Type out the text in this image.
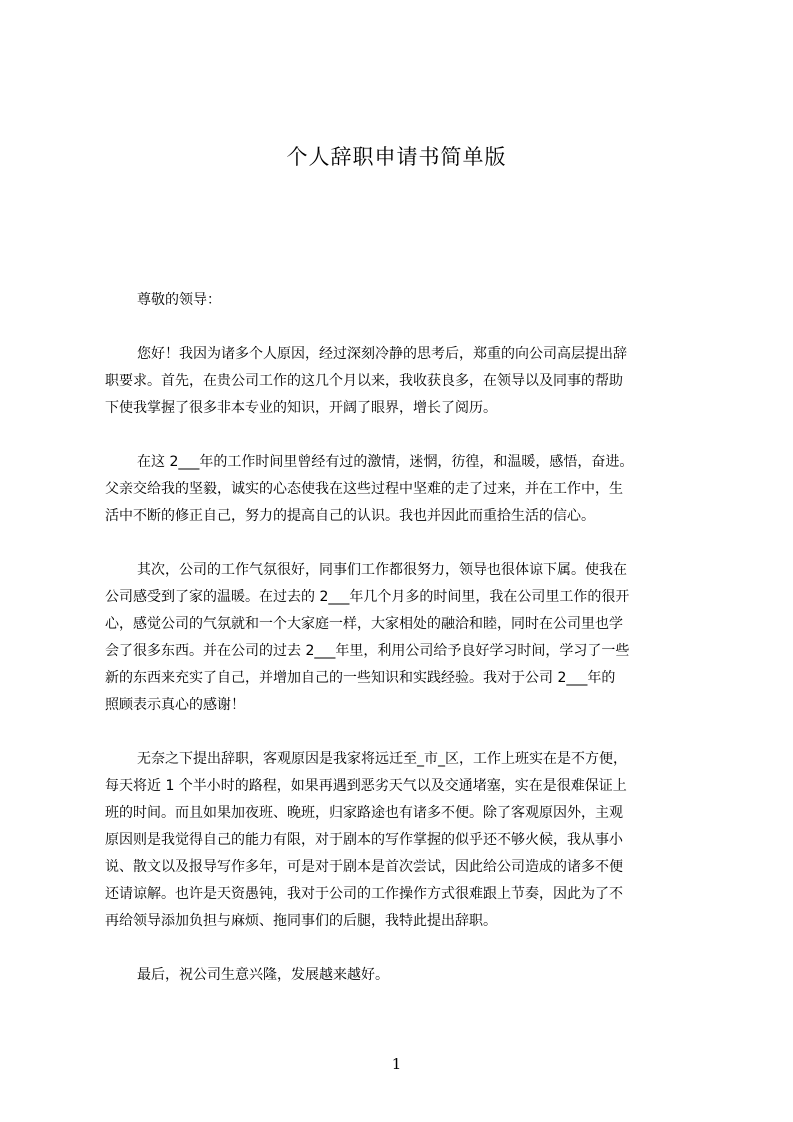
个人辞职申请书简单版
尊敬的领导：
您好！我因为诸多个人原因，经过深刻冷静的思考后，郑重的向公司高层提出辞
职要求。首先，在贵公司工作的这几个月以来，我收获良多，在领导以及同事的帮助
下使我掌握了很多非本专业的知识，开阔了眼界，增长了阅历。
在这 2___年的工作时间里曾经有过的激情，迷惘，彷徨，和温暖，感悟，奋进。
父亲交给我的坚毅，诚实的心态使我在这些过程中坚难的走了过来，并在工作中，生
活中不断的修正自己，努力的提高自己的认识。我也并因此而重拾生活的信心。
其次，公司的工作气氛很好，同事们工作都很努力，领导也很体谅下属。使我在
公司感受到了家的温暖。在过去的 2___年几个月多的时间里，我在公司里工作的很开
心，感觉公司的气氛就和一个大家庭一样，大家相处的融洽和睦，同时在公司里也学
会了很多东西。并在公司的过去 2___年里，利用公司给予良好学习时间，学习了一些
新的东西来充实了自己，并增加自己的一些知识和实践经验。我对于公司 2___年的
照顾表示真心的感谢！
无奈之下提出辞职，客观原因是我家将远迁至_市_区，工作上班实在是不方便，
每天将近 1 个半小时的路程，如果再遇到恶劣天气以及交通堵塞，实在是很难保证上
班的时间。而且如果加夜班、晚班，归家路途也有诸多不便。除了客观原因外，主观
原因则是我觉得自己的能力有限，对于剧本的写作掌握的似乎还不够火候，我从事小
说、散文以及报导写作多年，可是对于剧本是首次尝试，因此给公司造成的诸多不便
还请谅解。也许是天资愚钝，我对于公司的工作操作方式很难跟上节奏，因此为了不
再给领导添加负担与麻烦、拖同事们的后腿，我特此提出辞职。
最后，祝公司生意兴隆，发展越来越好。
1
